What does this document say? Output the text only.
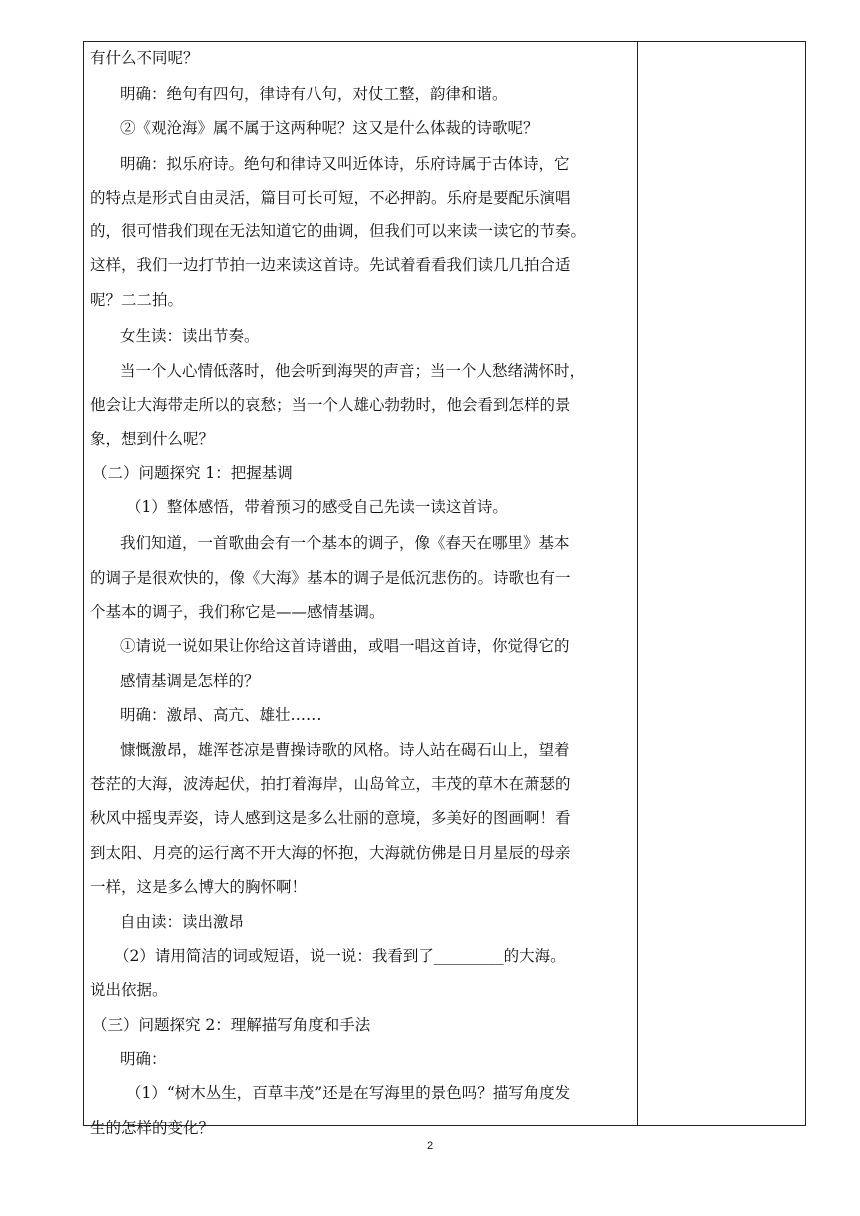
有什么不同呢？
明确：绝句有四句，律诗有八句，对仗工整，韵律和谐。
②《观沧海》属不属于这两种呢？这又是什么体裁的诗歌呢？
明确：拟乐府诗。绝句和律诗又叫近体诗，乐府诗属于古体诗，它
的特点是形式自由灵活，篇目可长可短，不必押韵。乐府是要配乐演唱
的，很可惜我们现在无法知道它的曲调，但我们可以来读一读它的节奏。
这样，我们一边打节拍一边来读这首诗。先试着看看我们读几几拍合适
呢？二二拍。
女生读：读出节奏。
当一个人心情低落时，他会听到海哭的声音；当一个人愁绪满怀时，
他会让大海带走所以的哀愁；当一个人雄心勃勃时，他会看到怎样的景
象，想到什么呢？
（二）问题探究 1：把握基调
（1）整体感悟，带着预习的感受自己先读一读这首诗。
我们知道，一首歌曲会有一个基本的调子，像《春天在哪里》基本
的调子是很欢快的，像《大海》基本的调子是低沉悲伤的。诗歌也有一
个基本的调子，我们称它是——感情基调。
①请说一说如果让你给这首诗谱曲，或唱一唱这首诗，你觉得它的
感情基调是怎样的？
明确：激昂、高亢、雄壮……
慷慨激昂，雄浑苍凉是曹操诗歌的风格。诗人站在碣石山上，望着
苍茫的大海，波涛起伏，拍打着海岸，山岛耸立，丰茂的草木在萧瑟的
秋风中摇曳弄姿，诗人感到这是多么壮丽的意境，多美好的图画啊！看
到太阳、月亮的运行离不开大海的怀抱，大海就仿佛是日月星辰的母亲
一样，这是多么博大的胸怀啊！
自由读：读出激昂
（2）请用简洁的词或短语，说一说：我看到了_________的大海。
说出依据。
（三）问题探究 2：理解描写角度和手法
明确：
（1）“树木丛生，百草丰茂”还是在写海里的景色吗？描写角度发
生的怎样的变化？
2
